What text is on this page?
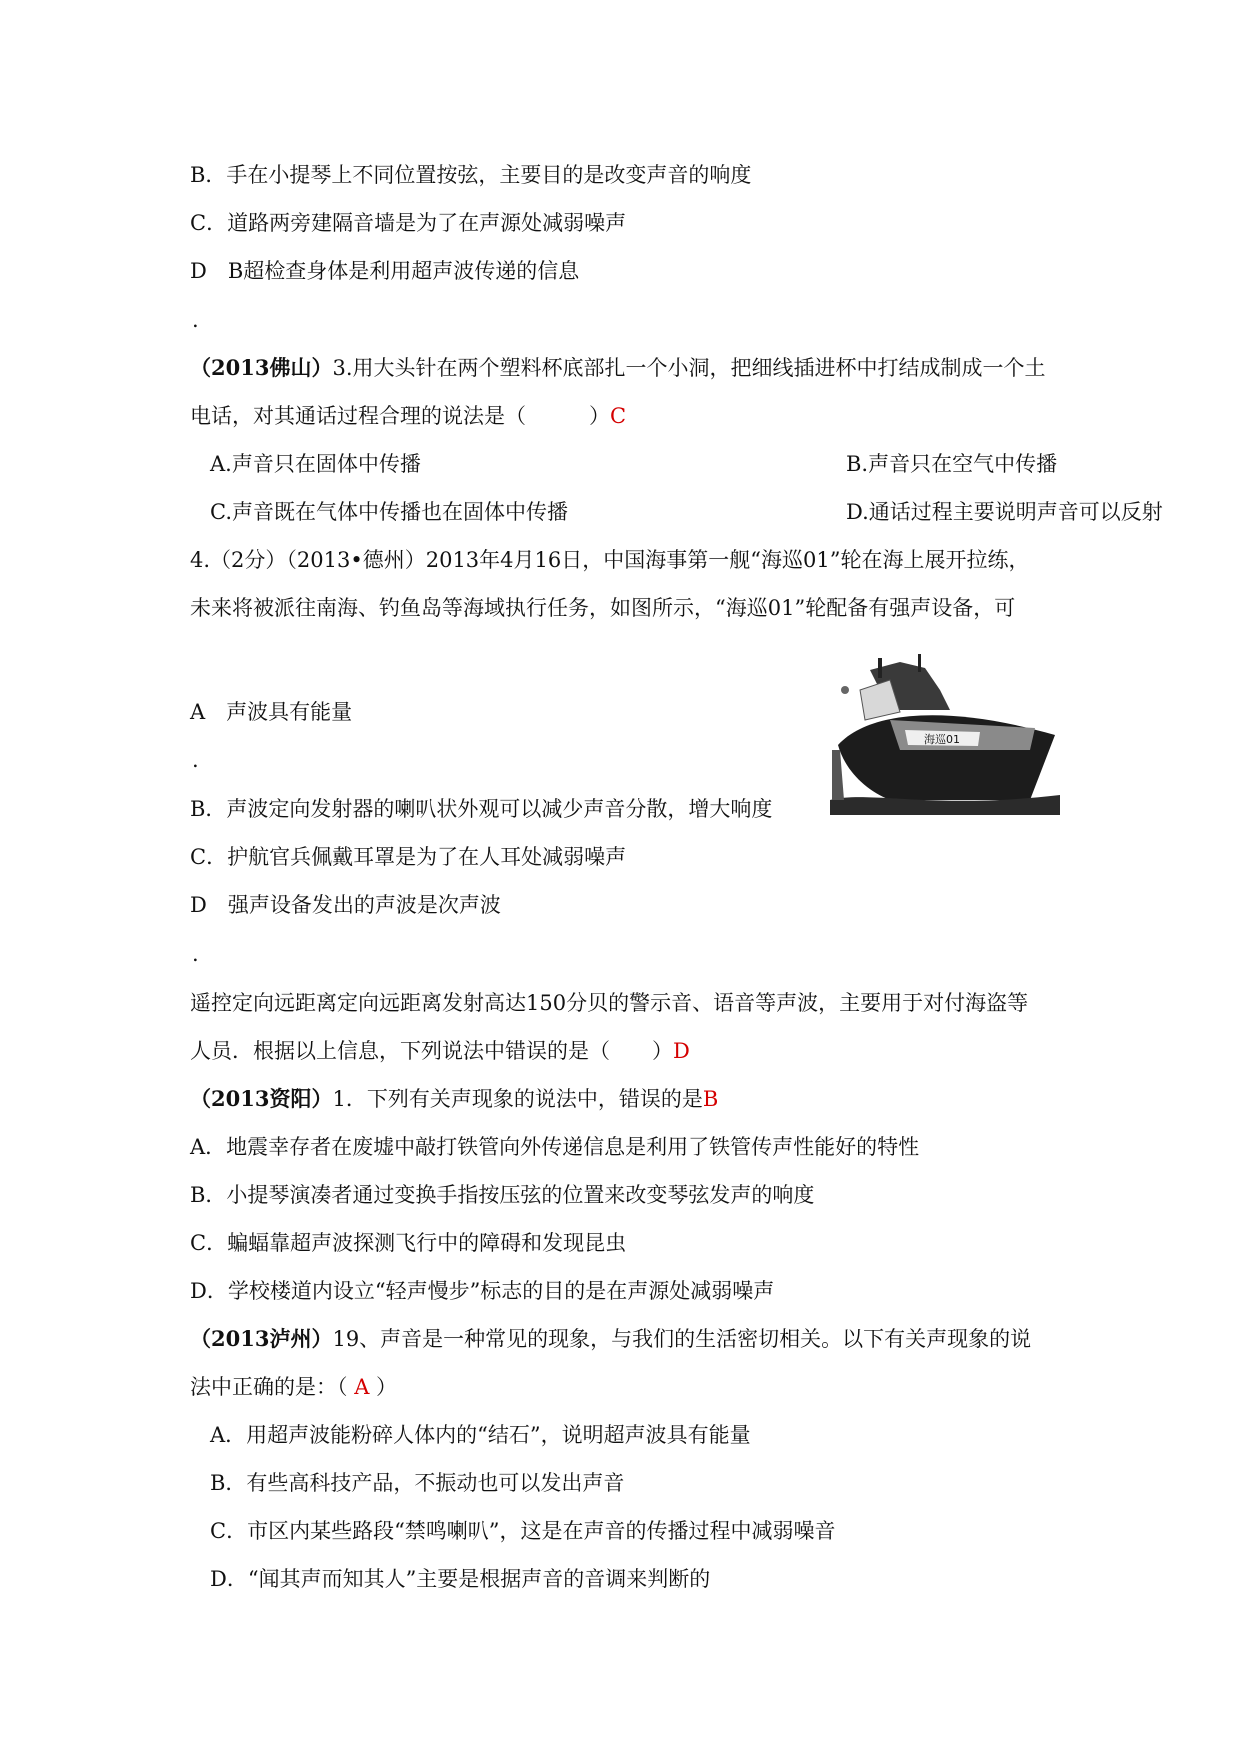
B．手在小提琴上不同位置按弦，主要目的是改变声音的响度
C．道路两旁建隔音墙是为了在声源处减弱噪声
D　B超检查身体是利用超声波传递的信息
.
（2013佛山）3.用大头针在两个塑料杯底部扎一个小洞，把细线插进杯中打结成制成一个土
电话，对其通话过程合理的说法是（　　　）C
A.声音只在固体中传播	B.声音只在空气中传播
C.声音既在气体中传播也在固体中传播	D.通话过程主要说明声音可以反射
4.（2分）（2013•德州）2013年4月16日，中国海事第一舰“海巡01”轮在海上展开拉练，
未来将被派往南海、钓鱼岛等海域执行任务，如图所示，“海巡01”轮配备有强声设备，可
海巡01
A　声波具有能量
.
B．声波定向发射器的喇叭状外观可以减少声音分散，增大响度
C．护航官兵佩戴耳罩是为了在人耳处减弱噪声
D　强声设备发出的声波是次声波
.
遥控定向远距离定向远距离发射高达150分贝的警示音、语音等声波，主要用于对付海盗等
人员．根据以上信息，下列说法中错误的是（　　）D
（2013资阳）1．下列有关声现象的说法中，错误的是B
A．地震幸存者在废墟中敲打铁管向外传递信息是利用了铁管传声性能好的特性
B．小提琴演凑者通过变换手指按压弦的位置来改变琴弦发声的响度
C．蝙蝠靠超声波探测飞行中的障碍和发现昆虫
D．学校楼道内设立“轻声慢步”标志的目的是在声源处减弱噪声
（2013泸州）19、声音是一种常见的现象，与我们的生活密切相关。以下有关声现象的说
法中正确的是：（ A ）
A．用超声波能粉碎人体内的“结石”，说明超声波具有能量
B．有些高科技产品，不振动也可以发出声音
C．市区内某些路段“禁鸣喇叭”，这是在声音的传播过程中减弱噪音
D．“闻其声而知其人”主要是根据声音的音调来判断的
